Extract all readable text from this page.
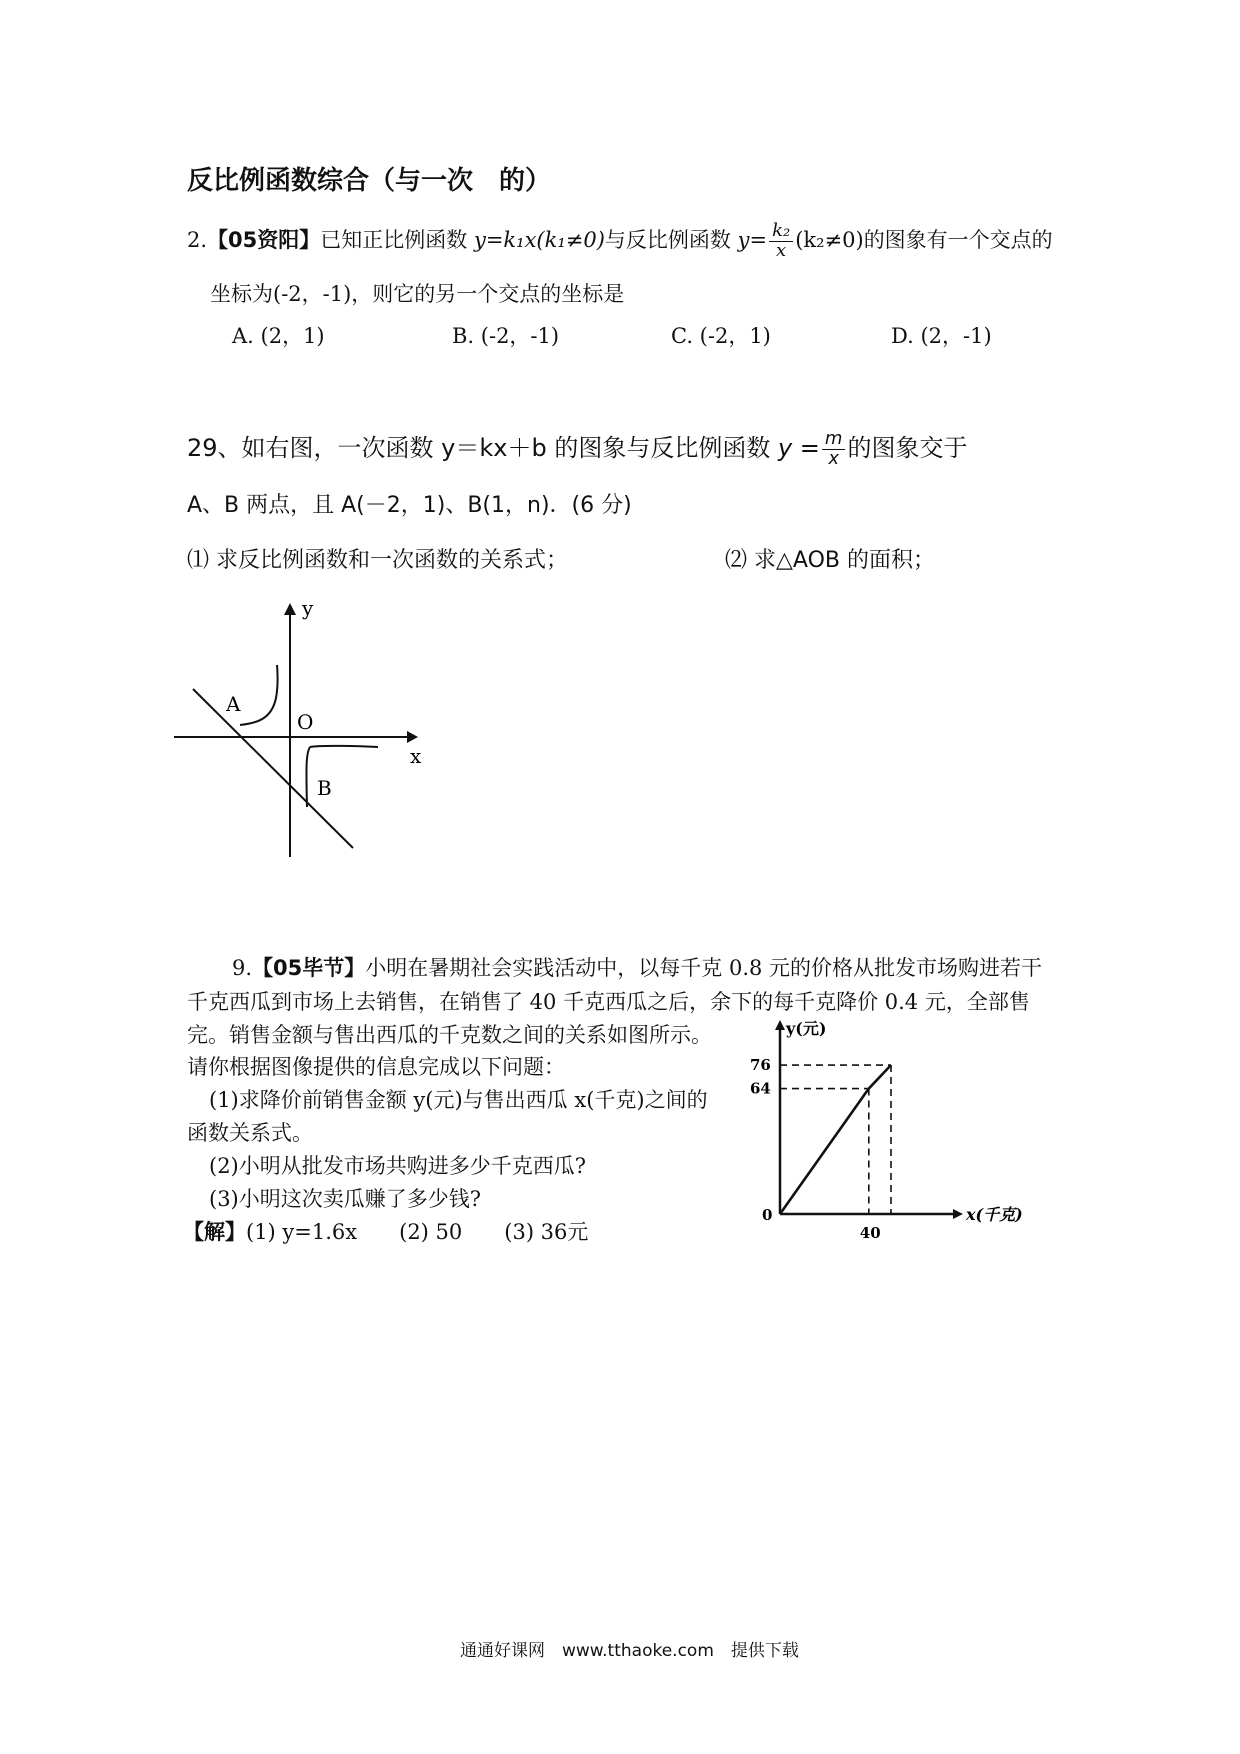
反比例函数综合（与一次　的）
2.【05资阳】已知正比例函数 y=k₁x(k₁≠0)与反比例函数 $y= \frac{\text{k₂}}{x} (k_2\ne 0)$的图象有一个交点的
坐标为(-2，-1)，则它的另一个交点的坐标是
A. (2，1)	B. (-2，-1)	C. (-2，1)	D. (2，-1)
29、如右图，一次函数 y＝kx＋b 的图象与反比例函数 $y = \frac{m}{x}$ 的图象交于
A、B 两点，且 A(－2，1)、B(1，n)．(6 分)
⑴ 求反比例函数和一次函数的关系式；	⑵ 求△AOB 的面积；
y
x
O
A
B
9.【05毕节】小明在暑期社会实践活动中，以每千克 0.8 元的价格从批发市场购进若干
千克西瓜到市场上去销售，在销售了 40 千克西瓜之后，余下的每千克降价 0.4 元，全部售
完。销售金额与售出西瓜的千克数之间的关系如图所示。
请你根据图像提供的信息完成以下问题：
(1)求降价前销售金额 y(元)与售出西瓜 x(千克)之间的
函数关系式。
(2)小明从批发市场共购进多少千克西瓜?
(3)小明这次卖瓜赚了多少钱?
【解】(1) y=1.6x　　(2) 50　　(3) 36元
64
76
40
y(元)
x(千克)
0
通通好课网　www.tthaoke.com　提供下载
